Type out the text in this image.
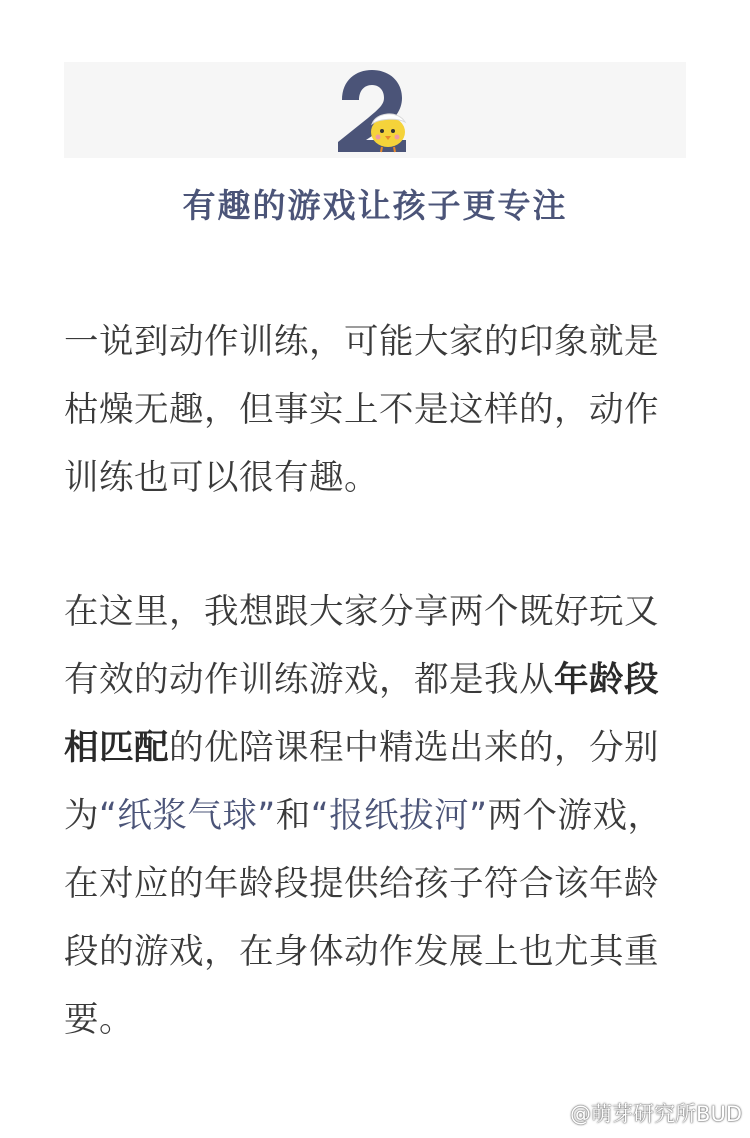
有趣的游戏让孩子更专注
一说到动作训练，可能大家的印象就是
枯燥无趣，但事实上不是这样的，动作
训练也可以很有趣。
在这里，我想跟大家分享两个既好玩又
有效的动作训练游戏，都是我从年龄段
相匹配的优陪课程中精选出来的，分别
为“纸浆气球”和“报纸拔河”两个游戏，
在对应的年龄段提供给孩子符合该年龄
段的游戏，在身体动作发展上也尤其重
要。
@萌芽研究所BUD
